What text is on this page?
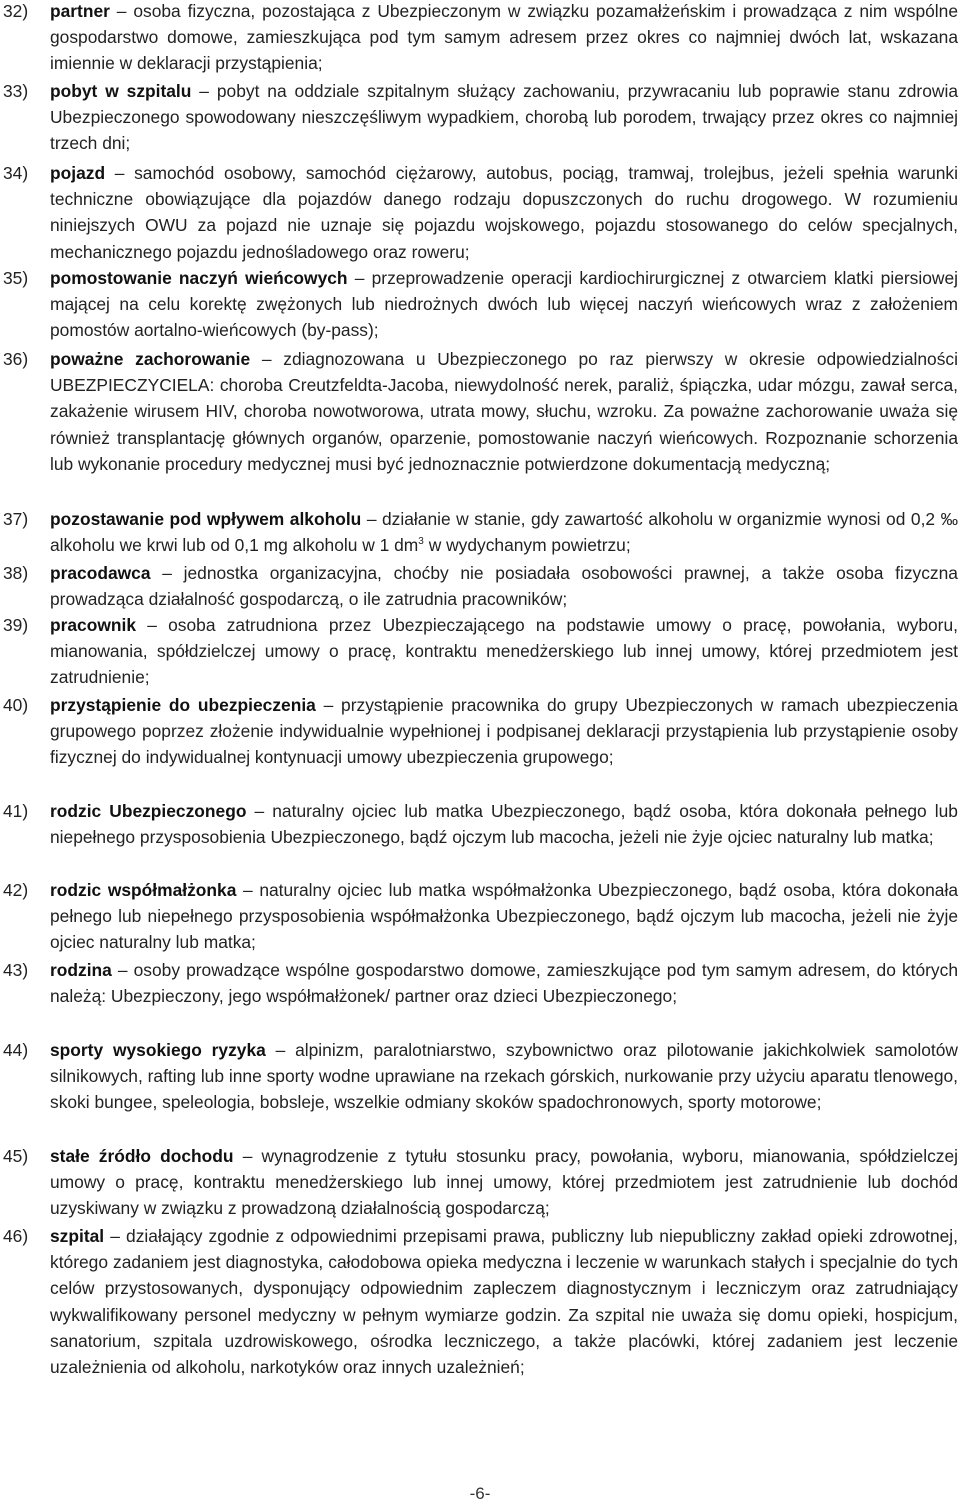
32) partner – osoba fizyczna, pozostająca z Ubezpieczonym w związku pozamałżeńskim i prowadząca z nim wspólne gospodarstwo domowe, zamieszkująca pod tym samym adresem przez okres co najmniej dwóch lat, wskazana imiennie w deklaracji przystąpienia;

33) pobyt w szpitalu – pobyt na oddziale szpitalnym służący zachowaniu, przywracaniu lub poprawie stanu zdrowia Ubezpieczonego spowodowany nieszczęśliwym wypadkiem, chorobą lub porodem, trwający przez okres co najmniej trzech dni;

34) pojazd – samochód osobowy, samochód ciężarowy, autobus, pociąg, tramwaj, trolejbus, jeżeli spełnia warunki techniczne obowiązujące dla pojazdów danego rodzaju dopuszczonych do ruchu drogowego. W rozumieniu niniejszych OWU za pojazd nie uznaje się pojazdu wojskowego, pojazdu stosowanego do celów specjalnych, mechanicznego pojazdu jednośladowego oraz roweru;

35) pomostowanie naczyń wieńcowych – przeprowadzenie operacji kardiochirurgicznej z otwarciem klatki piersiowej mającej na celu korektę zwężonych lub niedrożnych dwóch lub więcej naczyń wieńcowych wraz z założeniem pomostów aortalno-wieńcowych (by-pass);

36) poważne zachorowanie – zdiagnozowana u Ubezpieczonego po raz pierwszy w okresie odpowiedzialności UBEZPIECZYCIELA: choroba Creutzfeldta-Jacoba, niewydolność nerek, paraliż, śpiączka, udar mózgu, zawał serca, zakażenie wirusem HIV, choroba nowotworowa, utrata mowy, słuchu, wzroku. Za poważne zachorowanie uważa się również transplantację głównych organów, oparzenie, pomostowanie naczyń wieńcowych. Rozpoznanie schorzenia lub wykonanie procedury medycznej musi być jednoznacznie potwierdzone dokumentacją medyczną;

37) pozostawanie pod wpływem alkoholu – działanie w stanie, gdy zawartość alkoholu w organizmie wynosi od 0,2 ‰ alkoholu we krwi lub od 0,1 mg alkoholu w 1 $dm^3$ w wydychanym powietrzu;

38) pracodawca – jednostka organizacyjna, choćby nie posiadała osobowości prawnej, a także osoba fizyczna prowadząca działalność gospodarczą, o ile zatrudnia pracowników;

39) pracownik – osoba zatrudniona przez Ubezpieczającego na podstawie umowy o pracę, powołania, wyboru, mianowania, spółdzielczej umowy o pracę, kontraktu menedżerskiego lub innej umowy, której przedmiotem jest zatrudnienie;

40) przystąpienie do ubezpieczenia – przystąpienie pracownika do grupy Ubezpieczonych w ramach ubezpieczenia grupowego poprzez złożenie indywidualnie wypełnionej i podpisanej deklaracji przystąpienia lub przystąpienie osoby fizycznej do indywidualnej kontynuacji umowy ubezpieczenia grupowego;

41) rodzic Ubezpieczonego – naturalny ojciec lub matka Ubezpieczonego, bądź osoba, która dokonała pełnego lub niepełnego przysposobienia Ubezpieczonego, bądź ojczym lub macocha, jeżeli nie żyje ojciec naturalny lub matka;

42) rodzic współmałżonka – naturalny ojciec lub matka współmałżonka Ubezpieczonego, bądź osoba, która dokonała pełnego lub niepełnego przysposobienia współmałżonka Ubezpieczonego, bądź ojczym lub macocha, jeżeli nie żyje ojciec naturalny lub matka;

43) rodzina – osoby prowadzące wspólne gospodarstwo domowe, zamieszkujące pod tym samym adresem, do których należą: Ubezpieczony, jego współmałżonek/ partner oraz dzieci Ubezpieczonego;

44) sporty wysokiego ryzyka – alpinizm, paralotniarstwo, szybownictwo oraz pilotowanie jakichkolwiek samolotów silnikowych, rafting lub inne sporty wodne uprawiane na rzekach górskich, nurkowanie przy użyciu aparatu tlenowego, skoki bungee, speleologia, bobsleje, wszelkie odmiany skoków spadochronowych, sporty motorowe;

45) stałe źródło dochodu – wynagrodzenie z tytułu stosunku pracy, powołania, wyboru, mianowania, spółdzielczej umowy o pracę, kontraktu menedżerskiego lub innej umowy, której przedmiotem jest zatrudnienie lub dochód uzyskiwany w związku z prowadzoną działalnością gospodarczą;

46) szpital – działający zgodnie z odpowiednimi przepisami prawa, publiczny lub niepubliczny zakład opieki zdrowotnej, którego zadaniem jest diagnostyka, całodobowa opieka medyczna i leczenie w warunkach stałych i specjalnie do tych celów przystosowanych, dysponujący odpowiednim zapleczem diagnostycznym i leczniczym oraz zatrudniający wykwalifikowany personel medyczny w pełnym wymiarze godzin. Za szpital nie uważa się domu opieki, hospicjum, sanatorium, szpitala uzdrowiskowego, ośrodka leczniczego, a także placówki, której zadaniem jest leczenie uzależnienia od alkoholu, narkotyków oraz innych uzależnień;

-6-
